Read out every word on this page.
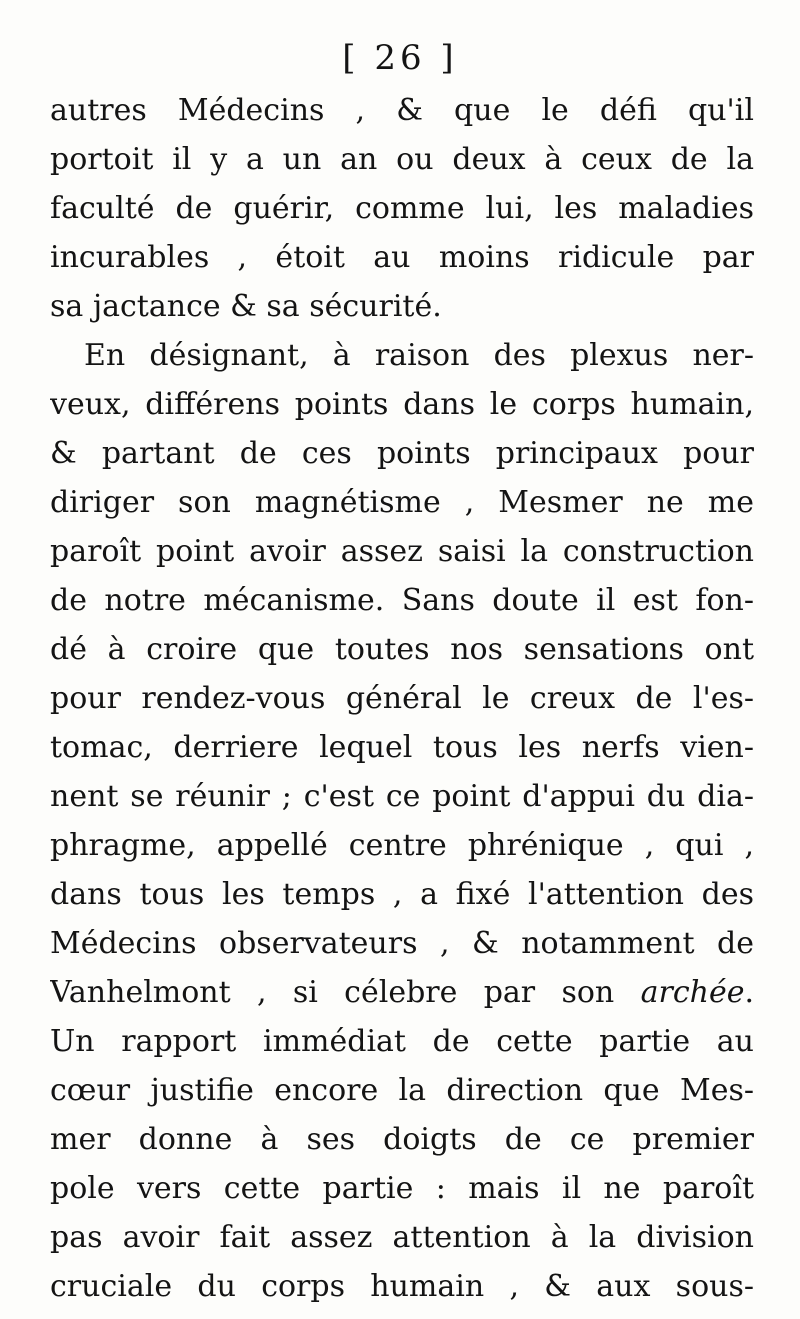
[ 26 ]
autres Médecins , & que le défi qu'il
portoit il y a un an ou deux à ceux de la
faculté de guérir, comme lui, les maladies
incurables , étoit au moins ridicule par
sa jactance & sa sécurité.
En désignant, à raison des plexus ner-
veux, différens points dans le corps humain,
& partant de ces points principaux pour
diriger son magnétisme , Mesmer ne me
paroît point avoir assez saisi la construction
de notre mécanisme. Sans doute il est fon-
dé à croire que toutes nos sensations ont
pour rendez-vous général le creux de l'es-
tomac, derriere lequel tous les nerfs vien-
nent se réunir ; c'est ce point d'appui du dia-
phragme, appellé centre phrénique , qui ,
dans tous les temps , a fixé l'attention des
Médecins observateurs , & notamment de
Vanhelmont , si célebre par son archée.
Un rapport immédiat de cette partie au
cœur justifie encore la direction que Mes-
mer donne à ses doigts de ce premier
pole vers cette partie : mais il ne paroît
pas avoir fait assez attention à la division
cruciale du corps humain , & aux sous-
